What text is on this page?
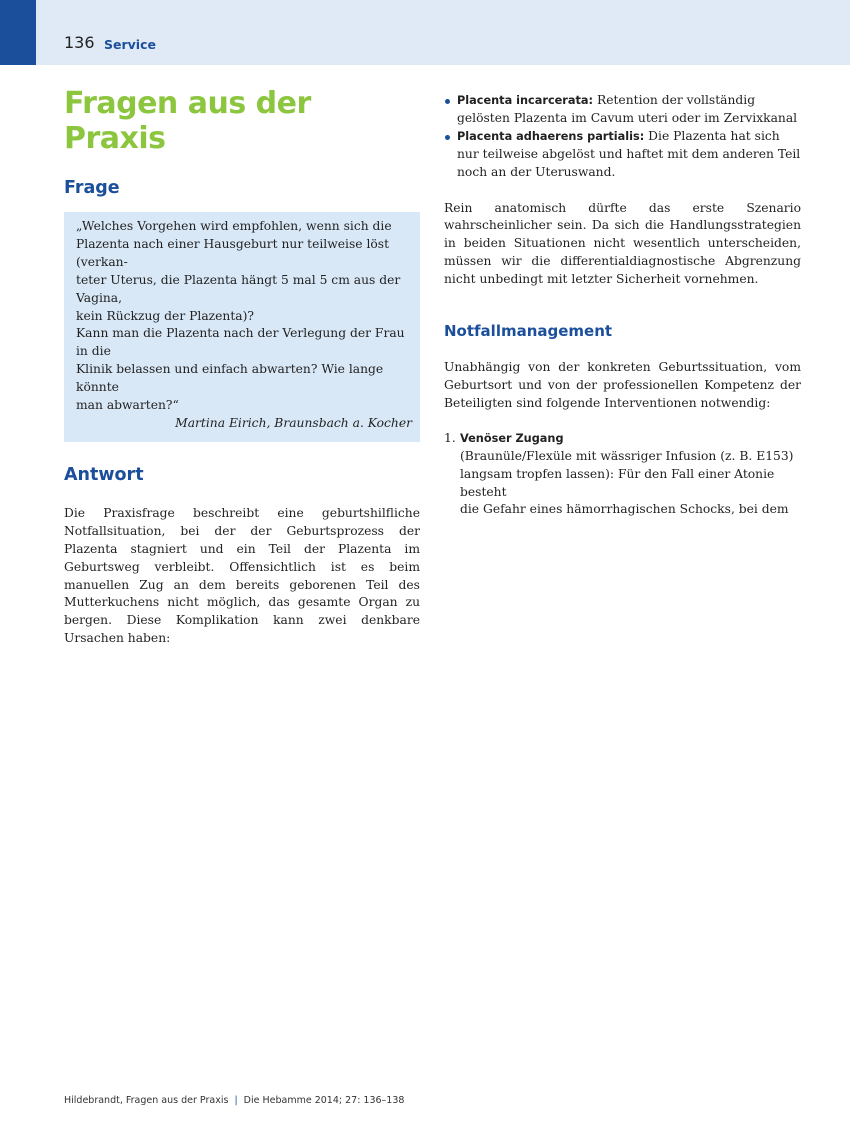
136 Service
Fragen aus der Praxis
Frage
„Welches Vorgehen wird empfohlen, wenn sich die
Plazenta nach einer Hausgeburt nur teilweise löst (verkan-
teter Uterus, die Plazenta hängt 5 mal 5 cm aus der Vagina,
kein Rückzug der Plazenta)?
Kann man die Plazenta nach der Verlegung der Frau in die
Klinik belassen und einfach abwarten? Wie lange könnte
man abwarten?“
Martina Eirich, Braunsbach a. Kocher
Antwort

Die Praxisfrage beschreibt eine geburtshilfliche Notfallsituation, bei der der Geburtsprozess der Plazenta stagniert und ein Teil der Plazenta im Geburtsweg verbleibt. Offensichtlich ist es beim manuellen Zug an dem bereits geborenen Teil des Mutterkuchens nicht möglich, das gesamte Organ zu bergen. Diese Komplikation kann zwei denkbare Ursachen haben:

Placenta incarcerata: Retention der vollständig gelösten Plazenta im Cavum uteri oder im Zervixkanal
Placenta adhaerens partialis: Die Plazenta hat sich nur teilweise abgelöst und haftet mit dem anderen Teil noch an der Uteruswand.

Rein anatomisch dürfte das erste Szenario wahrscheinlicher sein. Da sich die Handlungsstrategien in beiden Situationen nicht wesentlich unterscheiden, müssen wir die differentialdiagnostische Abgrenzung nicht unbedingt mit letzter Sicherheit vornehmen.

Notfallmanagement

Unabhängig von der konkreten Geburtssituation, vom Geburtsort und von der professionellen Kompetenz der Beteiligten sind folgende Interventionen notwendig:

1. Venöser Zugang
(Braunüle/Flexüle mit wässriger Infusion (z. B. E153)
langsam tropfen lassen): Für den Fall einer Atonie besteht
die Gefahr eines hämorrhagischen Schocks, bei dem
Hildebrandt, Fragen aus der Praxis | Die Hebamme 2014; 27: 136–138
